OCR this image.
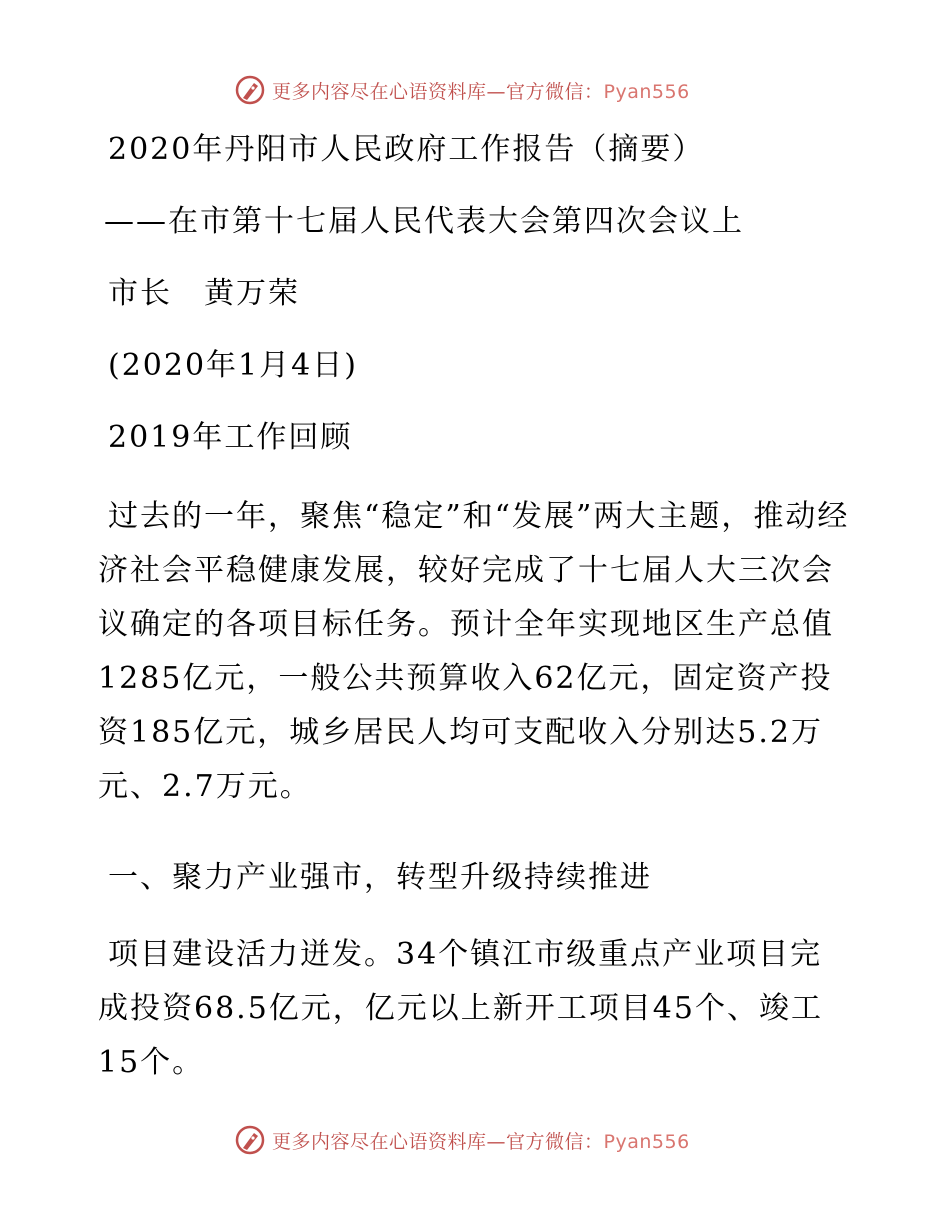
更多内容尽在心语资料库—官方微信：Pyan556
2020年丹阳市人民政府工作报告（摘要）
——在市第十七届人民代表大会第四次会议上
市长　黄万荣
(2020年1月4日)
2019年工作回顾
过去的一年，聚焦“稳定”和“发展”两大主题，推动经济社会平稳健康发展，较好完成了十七届人大三次会议确定的各项目标任务。预计全年实现地区生产总值1285亿元，一般公共预算收入62亿元，固定资产投资185亿元，城乡居民人均可支配收入分别达5.2万元、2.7万元。
一、聚力产业强市，转型升级持续推进
项目建设活力迸发。34个镇江市级重点产业项目完成投资68.5亿元，亿元以上新开工项目45个、竣工15个。
更多内容尽在心语资料库—官方微信：Pyan556
